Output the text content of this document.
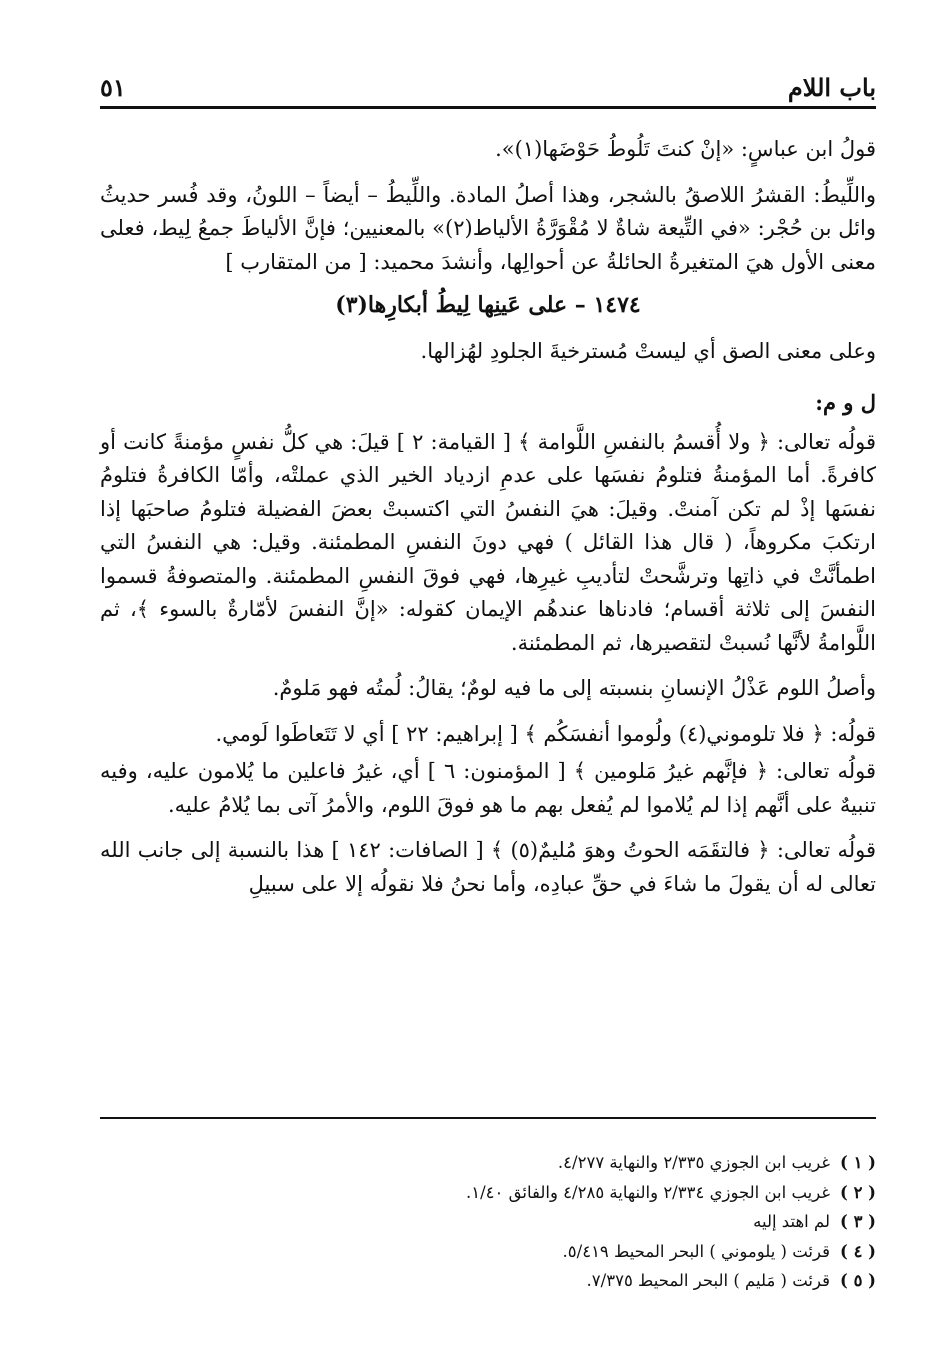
باب اللام
٥١

قولُ ابن عباسٍ: «إنْ كنتَ تَلُوطُ حَوْضَها(١)».

واللِّيطُ: القشرُ اللاصقُ بالشجر، وهذا أصلُ المادة. واللِّيطُ – أيضاً – اللونُ، وقد فُسر حديثُ وائل بن حُجْر: «في التِّيعة شاةٌ لا مُقْوَرَّةُ الألياط(٢)» بالمعنيين؛ فإنَّ الألياطَ جمعُ لِيط، فعلى معنى الأول هيَ المتغيرةُ الحائلةُ عن أحوالِها، وأنشدَ محميد: [ من المتقارب ]

١٤٧٤ – على عَينِها لِيطُ أبكارِها(٣)

وعلى معنى الصق أي ليستْ مُسترخيةَ الجلودِ لهُزالها.

ل و م:

قولُه تعالى: ﴿ ولا أُقسمُ بالنفسِ اللَّوامة ﴾ [ القيامة: ٢ ] قيلَ: هي كلُّ نفسٍ مؤمنةً كانت أو كافرةً. أما المؤمنةُ فتلومُ نفسَها على عدمِ ازدياد الخير الذي عملتْه، وأمّا الكافرةُ فتلومُ نفسَها إذْ لم تكن آمنتْ. وقيلَ: هيَ النفسُ التي اكتسبتْ بعضَ الفضيلة فتلومُ صاحبَها إذا ارتكبَ مكروهاً، ( قال هذا القائل ) فهي دونَ النفسِ المطمئنة. وقيل: هي النفسُ التي اطمأنَّتْ في ذاتِها وترشَّحتْ لتأديبِ غيرِها، فهي فوقَ النفسِ المطمئنة. والمتصوفةُ قسموا النفسَ إلى ثلاثة أقسام؛ فادناها عندهُم الإيمان كقوله: «إنَّ النفسَ لأمّارةٌ بالسوء ﴾، ثم اللَّوامةُ لأنَّها نُسبتْ لتقصيرها، ثم المطمئنة.

وأصلُ اللوم عَذْلُ الإنسانِ بنسبته إلى ما فيه لومٌ؛ يقالُ: لُمتُه فهو مَلومٌ.

قولُه: ﴿ فلا تلوموني(٤) ولُوموا أنفسَكُم ﴾ [ إبراهيم: ٢٢ ] أي لا تَتَعاطَوا لَومي.

قولُه تعالى: ﴿ فإنَّهم غيرُ مَلومين ﴾ [ المؤمنون: ٦ ] أي، غيرُ فاعلين ما يُلامون عليه، وفيه تنبيهٌ على أنَّهم إذا لم يُلاموا لم يُفعل بهم ما هو فوقَ اللوم، والأمرُ آتى بما يُلامُ عليه.

قولُه تعالى: ﴿ فالتقَمَه الحوتُ وهوَ مُليمٌ(٥) ﴾ [ الصافات: ١٤٢ ] هذا بالنسبة إلى جانب الله تعالى له أن يقولَ ما شاءَ في حقِّ عبادِه، وأما نحنُ فلا نقولُه إلا على سبيلِ

( ١ )غريب ابن الجوزي ٢/٣٣٥ والنهاية ٤/٢٧٧.
( ٢ )غريب ابن الجوزي ٢/٣٣٤ والنهاية ٤/٢٨٥ والفائق ١/٤٠.
( ٣ )لم اهتد إليه
( ٤ )قرئت ( يلوموني ) البحر المحيط ٥/٤١٩.
( ٥ )قرئت ( مَليم ) البحر المحيط ٧/٣٧٥.
